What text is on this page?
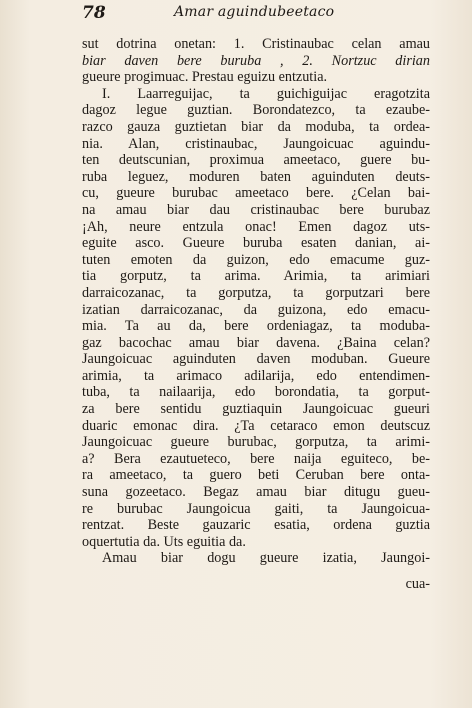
78	Amar aguindubeetaco
sut dotrina onetan: 1. Cristinaubac celan amau
biar daven bere buruba , 2. Nortzuc dirian
gueure progimuac. Prestau eguizu entzutia.
I. Laarreguijac, ta guichiguijac eragotzita
dagoz legue guztian. Borondatezco, ta ezaube-
razco gauza guztietan biar da moduba, ta ordea-
nia. Alan, cristinaubac, Jaungoicuac aguindu-
ten deutscunian, proximua ameetaco, guere bu-
ruba leguez, moduren baten aguinduten deuts-
cu, gueure burubac ameetaco bere. ¿Celan bai-
na amau biar dau cristinaubac bere burubaz
¡Ah, neure entzula onac! Emen dagoz uts-
eguite asco. Gueure buruba esaten danian, ai-
tuten emoten da guizon, edo emacume guz-
tia gorputz, ta arima. Arimia, ta arimiari
darraicozanac, ta gorputza, ta gorputzari bere
izatian darraicozanac, da guizona, edo emacu-
mia. Ta au da, bere ordeniagaz, ta moduba-
gaz bacochac amau biar davena. ¿Baina celan?
Jaungoicuac aguinduten daven moduban. Gueure
arimia, ta arimaco adilarija, edo entendimen-
tuba, ta nailaarija, edo borondatia, ta gorput-
za bere sentidu guztiaquin Jaungoicuac gueuri
duaric emonac dira. ¿Ta cetaraco emon deutscuz
Jaungoicuac gueure burubac, gorputza, ta arimi-
a? Bera ezautueteco, bere naija eguiteco, be-
ra ameetaco, ta guero beti Ceruban bere onta-
suna gozeetaco. Begaz amau biar ditugu gueu-
re burubac Jaungoicua gaiti, ta Jaungoicua-
rentzat. Beste gauzaric esatia, ordena guztia
oquertutia da. Uts eguitia da.
Amau biar dogu gueure izatia, Jaungoi-
cua-
